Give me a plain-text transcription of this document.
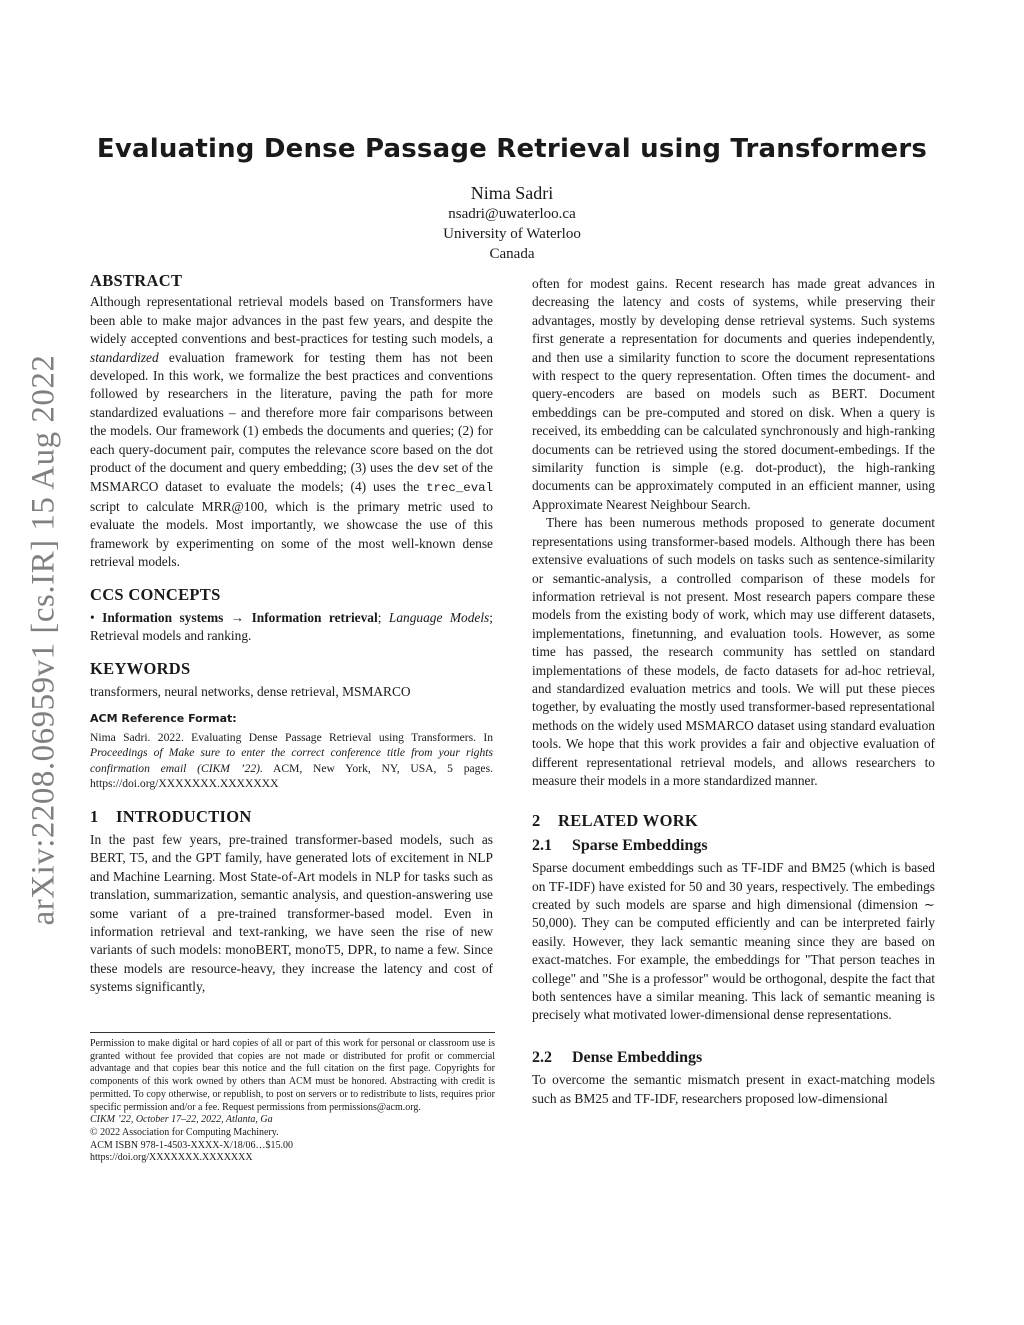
arXiv:2208.06959v1 [cs.IR] 15 Aug 2022
Evaluating Dense Passage Retrieval using Transformers
Nima Sadri
nsadri@uwaterloo.ca
University of Waterloo
Canada
ABSTRACT

Although representational retrieval models based on Transformers have been able to make major advances in the past few years, and despite the widely accepted conventions and best-practices for testing such models, a standardized evaluation framework for testing them has not been developed. In this work, we formalize the best practices and conventions followed by researchers in the literature, paving the path for more standardized evaluations – and therefore more fair comparisons between the models. Our framework (1) embeds the documents and queries; (2) for each query-document pair, computes the relevance score based on the dot product of the document and query embedding; (3) uses the dev set of the MSMARCO dataset to evaluate the models; (4) uses the trec_eval script to calculate MRR@100, which is the primary metric used to evaluate the models. Most importantly, we showcase the use of this framework by experimenting on some of the most well-known dense retrieval models.

CCS CONCEPTS

• Information systems → Information retrieval; Language Models; Retrieval models and ranking.

KEYWORDS

transformers, neural networks, dense retrieval, MSMARCO

ACM Reference Format:

Nima Sadri. 2022. Evaluating Dense Passage Retrieval using Transformers. In Proceedings of Make sure to enter the correct conference title from your rights confirmation email (CIKM ’22). ACM, New York, NY, USA, 5 pages. https://doi.org/XXXXXXX.XXXXXXX

1 INTRODUCTION

In the past few years, pre-trained transformer-based models, such as BERT, T5, and the GPT family, have generated lots of excitement in NLP and Machine Learning. Most State-of-Art models in NLP for tasks such as translation, summarization, semantic analysis, and question-answering use some variant of a pre-trained transformer-based model. Even in information retrieval and text-ranking, we have seen the rise of new variants of such models: monoBERT, monoT5, DPR, to name a few. Since these models are resource-heavy, they increase the latency and cost of systems significantly,

Permission to make digital or hard copies of all or part of this work for personal or classroom use is granted without fee provided that copies are not made or distributed for profit or commercial advantage and that copies bear this notice and the full citation on the first page. Copyrights for components of this work owned by others than ACM must be honored. Abstracting with credit is permitted. To copy otherwise, or republish, to post on servers or to redistribute to lists, requires prior specific permission and/or a fee. Request permissions from permissions@acm.org.

CIKM ’22, October 17–22, 2022, Atlanta, Ga

© 2022 Association for Computing Machinery.

ACM ISBN 978-1-4503-XXXX-X/18/06…$15.00

https://doi.org/XXXXXXX.XXXXXXX

often for modest gains. Recent research has made great advances in decreasing the latency and costs of systems, while preserving their advantages, mostly by developing dense retrieval systems. Such systems first generate a representation for documents and queries independently, and then use a similarity function to score the document representations with respect to the query representation. Often times the document- and query-encoders are based on models such as BERT. Document embeddings can be pre-computed and stored on disk. When a query is received, its embedding can be calculated synchronously and high-ranking documents can be retrieved using the stored document-embedings. If the similarity function is simple (e.g. dot-product), the high-ranking documents can be approximately computed in an efficient manner, using Approximate Nearest Neighbour Search.

There has been numerous methods proposed to generate document representations using transformer-based models. Although there has been extensive evaluations of such models on tasks such as sentence-similarity or semantic-analysis, a controlled comparison of these models for information retrieval is not present. Most research papers compare these models from the existing body of work, which may use different datasets, implementations, finetunning, and evaluation tools. However, as some time has passed, the research community has settled on standard implementations of these models, de facto datasets for ad-hoc retrieval, and standardized evaluation metrics and tools. We will put these pieces together, by evaluating the mostly used transformer-based representational methods on the widely used MSMARCO dataset using standard evaluation tools. We hope that this work provides a fair and objective evaluation of different representational retrieval models, and allows researchers to measure their models in a more standardized manner.

2 RELATED WORK
2.1 Sparse Embeddings

Sparse document embeddings such as TF-IDF and BM25 (which is based on TF-IDF) have existed for 50 and 30 years, respectively. The embedings created by such models are sparse and high dimensional (dimension ∼ 50,000). They can be computed efficiently and can be interpreted fairly easily. However, they lack semantic meaning since they are based on exact-matches. For example, the embeddings for "That person teaches in college" and "She is a professor" would be orthogonal, despite the fact that both sentences have a similar meaning. This lack of semantic meaning is precisely what motivated lower-dimensional dense representations.

2.2 Dense Embeddings

To overcome the semantic mismatch present in exact-matching models such as BM25 and TF-IDF, researchers proposed low-dimensional
